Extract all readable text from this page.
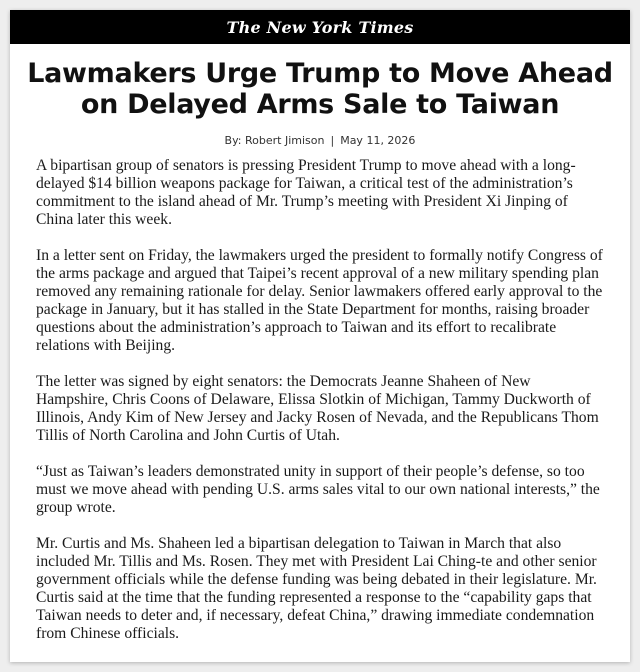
The New York Times
Lawmakers Urge Trump to Move Ahead on Delayed Arms Sale to Taiwan
By: Robert Jimison | May 11, 2026

A bipartisan group of senators is pressing President Trump to move ahead with a long-delayed $14 billion weapons package for Taiwan, a critical test of the administration’s commitment to the island ahead of Mr. Trump’s meeting with President Xi Jinping of China later this week.

In a letter sent on Friday, the lawmakers urged the president to formally notify Congress of the arms package and argued that Taipei’s recent approval of a new military spending plan removed any remaining rationale for delay. Senior lawmakers offered early approval to the package in January, but it has stalled in the State Department for months, raising broader questions about the administration’s approach to Taiwan and its effort to recalibrate relations with Beijing.

The letter was signed by eight senators: the Democrats Jeanne Shaheen of New Hampshire, Chris Coons of Delaware, Elissa Slotkin of Michigan, Tammy Duckworth of Illinois, Andy Kim of New Jersey and Jacky Rosen of Nevada, and the Republicans Thom Tillis of North Carolina and John Curtis of Utah.

“Just as Taiwan’s leaders demonstrated unity in support of their people’s defense, so too must we move ahead with pending U.S. arms sales vital to our own national interests,” the group wrote.

Mr. Curtis and Ms. Shaheen led a bipartisan delegation to Taiwan in March that also included Mr. Tillis and Ms. Rosen. They met with President Lai Ching-te and other senior government officials while the defense funding was being debated in their legislature. Mr. Curtis said at the time that the funding represented a response to the “capability gaps that Taiwan needs to deter and, if necessary, defeat China,” drawing immediate condemnation from Chinese officials.
